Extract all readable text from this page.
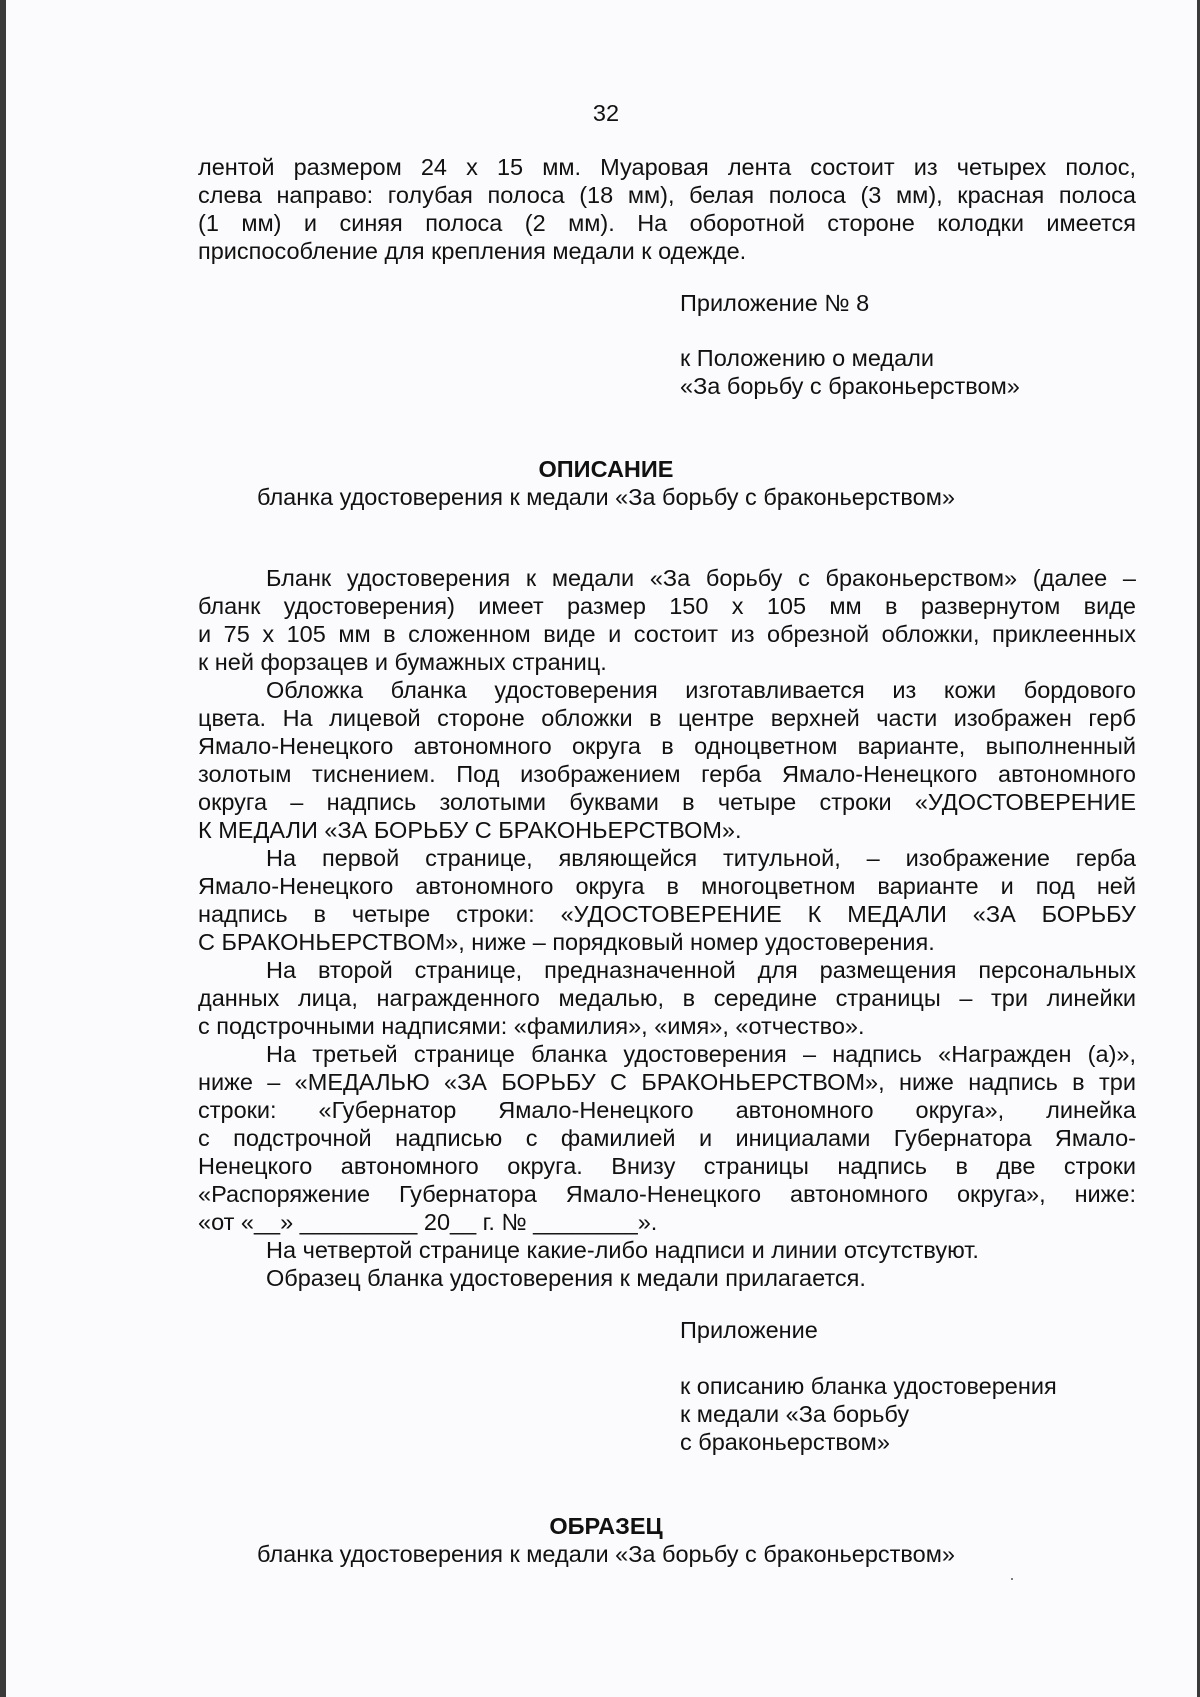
32

лентой размером 24 х 15 мм. Муаровая лента состоит из четырех полос,

слева направо: голубая полоса (18 мм), белая полоса (3 мм), красная полоса

(1 мм) и синяя полоса (2 мм). На оборотной стороне колодки имеется

приспособление для крепления медали к одежде.

Приложение № 8

к Положению о медали

«За борьбу с браконьерством»

ОПИСАНИЕ

бланка удостоверения к медали «За борьбу с браконьерством»

Бланк удостоверения к медали «За борьбу с браконьерством» (далее –

бланк удостоверения) имеет размер 150 х 105 мм в развернутом виде

и 75 х 105 мм в сложенном виде и состоит из обрезной обложки, приклеенных

к ней форзацев и бумажных страниц.

Обложка бланка удостоверения изготавливается из кожи бордового

цвета. На лицевой стороне обложки в центре верхней части изображен герб

Ямало-Ненецкого автономного округа в одноцветном варианте, выполненный

золотым тиснением. Под изображением герба Ямало-Ненецкого автономного

округа – надпись золотыми буквами в четыре строки «УДОСТОВЕРЕНИЕ

К МЕДАЛИ «ЗА БОРЬБУ С БРАКОНЬЕРСТВОМ».

На первой странице, являющейся титульной, – изображение герба

Ямало-Ненецкого автономного округа в многоцветном варианте и под ней

надпись в четыре строки: «УДОСТОВЕРЕНИЕ К МЕДАЛИ «ЗА БОРЬБУ

С БРАКОНЬЕРСТВОМ», ниже – порядковый номер удостоверения.

На второй странице, предназначенной для размещения персональных

данных лица, награжденного медалью, в середине страницы – три линейки

с подстрочными надписями: «фамилия», «имя», «отчество».

На третьей странице бланка удостоверения – надпись «Награжден (а)»,

ниже – «МЕДАЛЬЮ «ЗА БОРЬБУ С БРАКОНЬЕРСТВОМ», ниже надпись в три

строки: «Губернатор Ямало-Ненецкого автономного округа», линейка

с подстрочной надписью с фамилией и инициалами Губернатора Ямало-

Ненецкого автономного округа. Внизу страницы надпись в две строки

«Распоряжение Губернатора Ямало-Ненецкого автономного округа», ниже:

«от «__» _________ 20__ г. № ________».

На четвертой странице какие-либо надписи и линии отсутствуют.

Образец бланка удостоверения к медали прилагается.

Приложение

к описанию бланка удостоверения

к медали «За борьбу

с браконьерством»

ОБРАЗЕЦ

бланка удостоверения к медали «За борьбу с браконьерством»
